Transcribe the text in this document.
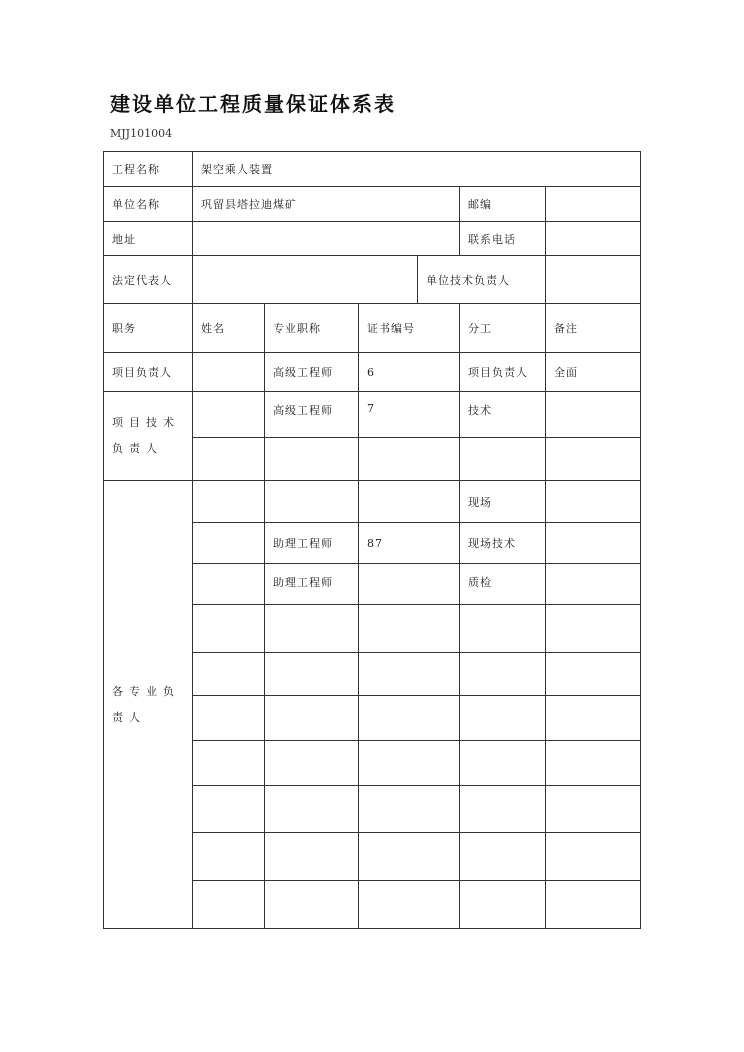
建设单位工程质量保证体系表
MJJ101004
工程名称	架空乘人装置					
单位名称	巩留县塔拉迪煤矿				邮编	
地址					联系电话	
法定代表人				单位技术负责人		
职务	姓名	专业职称	证书编号		分工	备注
项目负责人		高级工程师	6		项目负责人	全面
项目技术负责人		高级工程师	7		技术	

各专业负责人					现场	
		助理工程师	87		现场技术	
		助理工程师			质检	
